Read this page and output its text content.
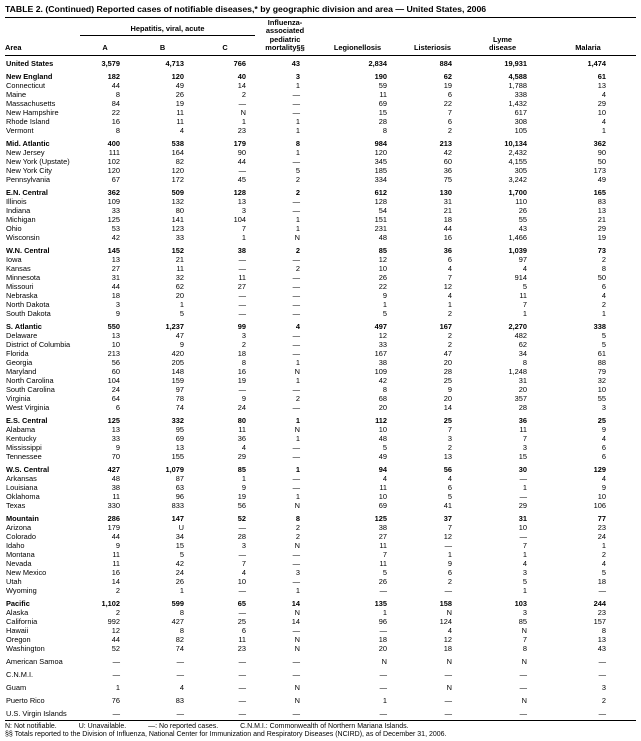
TABLE 2. (Continued) Reported cases of notifiable diseases,* by geographic division and area — United States, 2006
Area	Hepatitis, viral, acute			Influenza-associated pediatric mortality§§	Legionellosis	Listeriosis	Lyme disease	Malaria
	A	B	C					
United States	3,579	4,713	766	43	2,834	884	19,931	1,474

New England	182	120	40	3	190	62	4,588	61
Connecticut	44	49	14	1	59	19	1,788	13
Maine	8	26	2	—	11	6	338	4
Massachusetts	84	19	—	—	69	22	1,432	29
New Hampshire	22	11	N	—	15	7	617	10
Rhode Island	16	11	1	1	28	6	308	4
Vermont	8	4	23	1	8	2	105	1

Mid. Atlantic	400	538	179	8	984	213	10,134	362
New Jersey	111	164	90	1	120	42	2,432	90
New York (Upstate)	102	82	44	—	345	60	4,155	50
New York City	120	120	—	5	185	36	305	173
Pennsylvania	67	172	45	2	334	75	3,242	49

E.N. Central	362	509	128	2	612	130	1,700	165
Illinois	109	132	13	—	128	31	110	83
Indiana	33	80	3	—	54	21	26	13
Michigan	125	141	104	1	151	18	55	21
Ohio	53	123	7	1	231	44	43	29
Wisconsin	42	33	1	N	48	16	1,466	19

W.N. Central	145	152	38	2	85	36	1,039	73
Iowa	13	21	—	—	12	6	97	2
Kansas	27	11	—	2	10	4	4	8
Minnesota	31	32	11	—	26	7	914	50
Missouri	44	62	27	—	22	12	5	6
Nebraska	18	20	—	—	9	4	11	4
North Dakota	3	1	—	—	1	1	7	2
South Dakota	9	5	—	—	5	2	1	1

S. Atlantic	550	1,237	99	4	497	167	2,270	338
Delaware	13	47	3	—	12	2	482	5
District of Columbia	10	9	2	—	33	2	62	5
Florida	213	420	18	—	167	47	34	61
Georgia	56	205	8	1	38	20	8	88
Maryland	60	148	16	N	109	28	1,248	79
North Carolina	104	159	19	1	42	25	31	32
South Carolina	24	97	—	—	8	9	20	10
Virginia	64	78	9	2	68	20	357	55
West Virginia	6	74	24	—	20	14	28	3

E.S. Central	125	332	80	1	112	25	36	25
Alabama	13	95	11	N	10	7	11	9
Kentucky	33	69	36	1	48	3	7	4
Mississippi	9	13	4	—	5	2	3	6
Tennessee	70	155	29	—	49	13	15	6

W.S. Central	427	1,079	85	1	94	56	30	129
Arkansas	48	87	1	—	4	4	—	4
Louisiana	38	63	9	—	11	6	1	9
Oklahoma	11	96	19	1	10	5	—	10
Texas	330	833	56	N	69	41	29	106

Mountain	286	147	52	8	125	37	31	77
Arizona	179	U	—	2	38	7	10	23
Colorado	44	34	28	2	27	12	—	24
Idaho	9	15	3	N	11	—	7	1
Montana	11	5	—	—	7	1	1	2
Nevada	11	42	7	—	11	9	4	4
New Mexico	16	24	4	3	5	6	3	5
Utah	14	26	10	—	26	2	5	18
Wyoming	2	1	—	1	—	—	1	—

Pacific	1,102	599	65	14	135	158	103	244
Alaska	2	8	—	N	1	N	3	23
California	992	427	25	14	96	124	85	157
Hawaii	12	8	6	—	—	4	N	8
Oregon	44	82	11	N	18	12	7	13
Washington	52	74	23	N	20	18	8	43

American Samoa	—	—	—	—	N	N	N	—

C.N.M.I.	—	—	—	—	—	—	—	—

Guam	1	4	—	N	—	N	—	3

Puerto Rico	76	83	—	N	1	—	N	2

U.S. Virgin Islands	—	—	—	—	—	—	—	—
N: Not notifiable.	U: Unavailable.	—: No reported cases.	C.N.M.I.: Commonwealth of Northern Mariana Islands.
§§ Totals reported to the Division of Influenza, National Center for Immunization and Respiratory Diseases (NCIRD), as of December 31, 2006.
